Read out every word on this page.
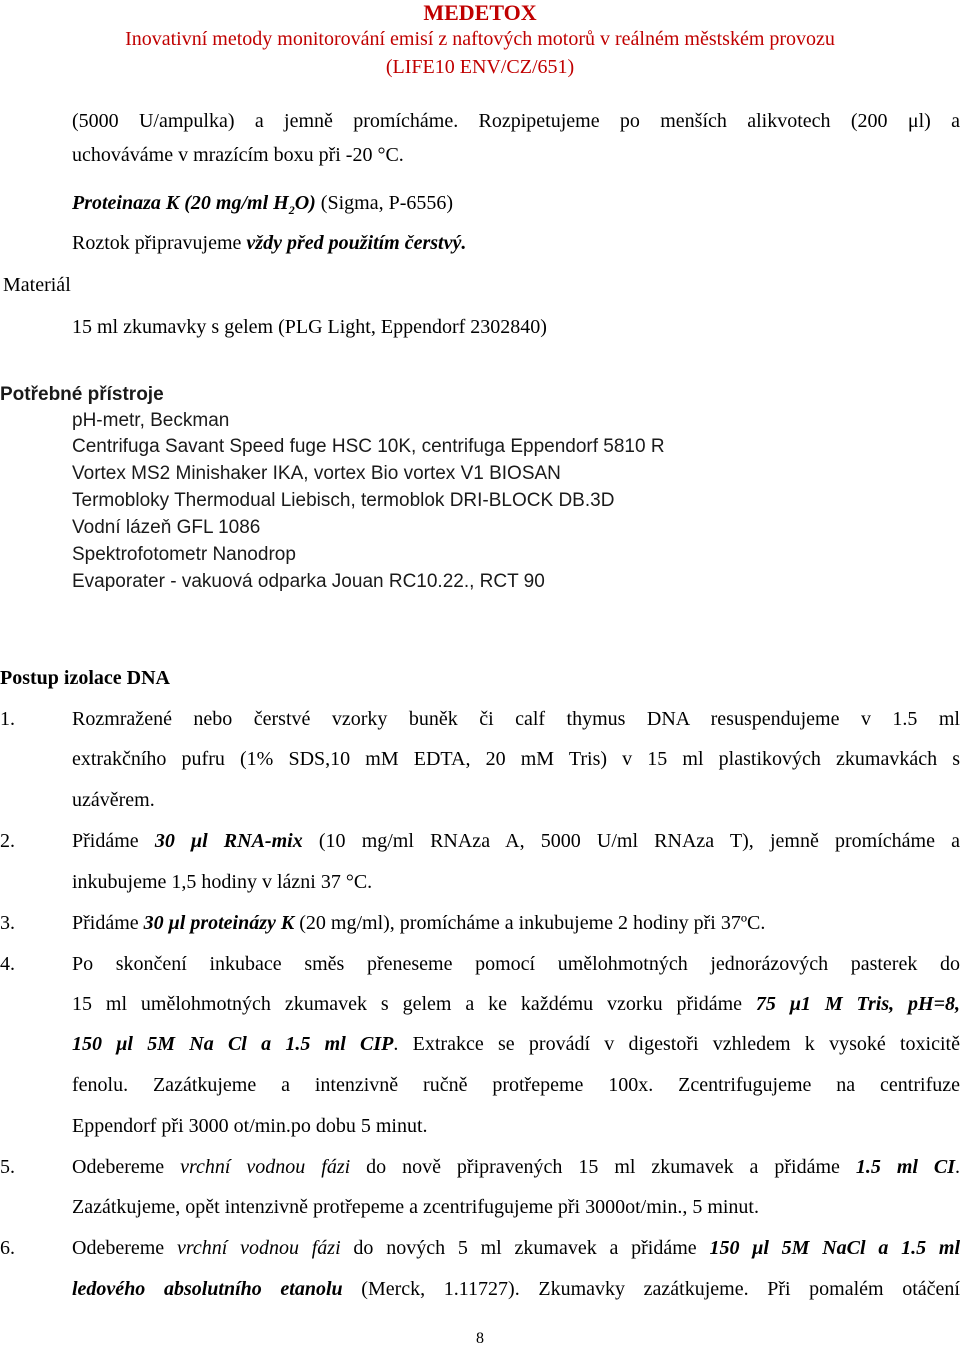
MEDETOX
Inovativní metody monitorování emisí z naftových motorů v reálném městském provozu
(LIFE10 ENV/CZ/651)
(5000 U/ampulka) a jemně promícháme. Rozpipetujeme po menších alikvotech (200 μl) a
uchováváme v mrazícím boxu při -20 °C.
Proteinaza K (20 mg/ml $H_2O$) (Sigma, P-6556)
Roztok připravujeme vždy před použitím čerstvý.
Materiál
15 ml zkumavky s gelem (PLG Light, Eppendorf 2302840)
Potřebné přístroje
pH-metr, Beckman
Centrifuga Savant Speed fuge HSC 10K, centrifuga Eppendorf 5810 R
Vortex MS2 Minishaker IKA, vortex Bio vortex V1 BIOSAN
Termobloky Thermodual Liebisch, termoblok DRI-BLOCK DB.3D
Vodní lázeň GFL 1086
Spektrofotometr Nanodrop
Evaporater - vakuová odparka Jouan RC10.22., RCT 90
Postup izolace DNA
1.	Rozmražené nebo čerstvé vzorky buněk či calf thymus DNA resuspendujeme v 1.5 ml
extrakčního pufru (1% SDS,10 mM EDTA, 20 mM Tris) v 15 ml plastikových zkumavkách s
uzávěrem.
2.	Přidáme 30 μl RNA-mix (10 mg/ml RNAza A, 5000 U/ml RNAza T), jemně promícháme a
inkubujeme 1,5 hodiny v lázni 37 °C.
3.	Přidáme 30 μl proteinázy K (20 mg/ml), promícháme a inkubujeme 2 hodiny při 37ºC.
4.	Po skončení inkubace směs přeneseme pomocí umělohmotných jednorázových pasterek do
15 ml umělohmotných zkumavek s gelem a ke každému vzorku přidáme 75 μ1 M Tris, pH=8,
150 μl 5M Na Cl a 1.5 ml CIP. Extrakce se provádí v digestoři vzhledem k vysoké toxicitě
fenolu. Zazátkujeme a intenzivně ručně protřepeme 100x. Zcentrifugujeme na centrifuze
Eppendorf při 3000 ot/min.po dobu 5 minut.
5.	Odebereme vrchní vodnou fázi do nově připravených 15 ml zkumavek a přidáme 1.5 ml CI.
Zazátkujeme, opět intenzivně protřepeme a zcentrifugujeme při 3000ot/min., 5 minut.
6.	Odebereme vrchní vodnou fázi do nových 5 ml zkumavek a přidáme 150 μl 5M NaCl a 1.5 ml
ledového absolutního etanolu (Merck, 1.11727). Zkumavky zazátkujeme. Při pomalém otáčení
8
